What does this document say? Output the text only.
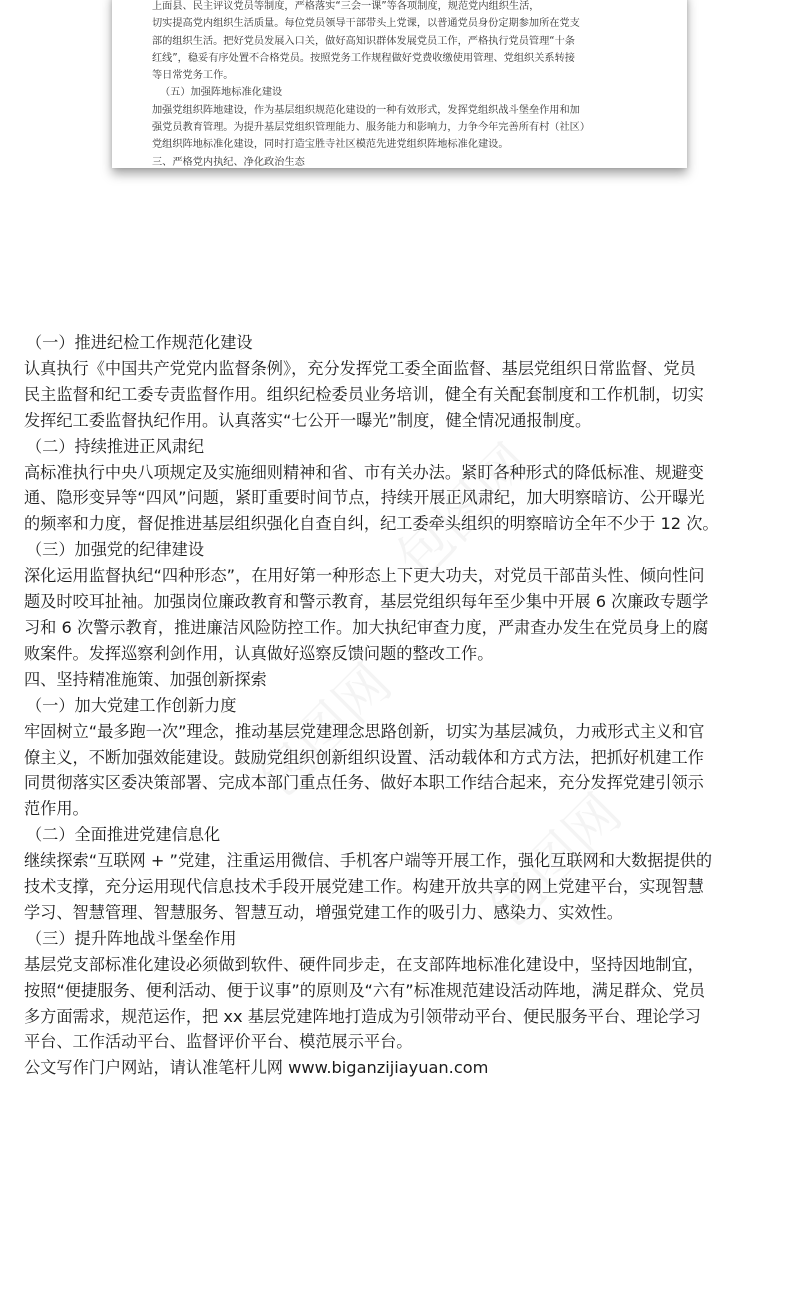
上面县、民主评议党员等制度，严格落实“三会一课”等各项制度，规范党内组织生活，

切实提高党内组织生活质量。每位党员领导干部带头上党课，以普通党员身份定期参加所在党支

部的组织生活。把好党员发展入口关，做好高知识群体发展党员工作，严格执行党员管理“十条

红线”，稳妥有序处置不合格党员。按照党务工作规程做好党费收缴使用管理、党组织关系转接

等日常党务工作。

（五）加强阵地标准化建设

加强党组织阵地建设，作为基层组织规范化建设的一种有效形式，发挥党组织战斗堡垒作用和加

强党员教育管理。为提升基层党组织管理能力、服务能力和影响力，力争今年完善所有村（社区）

党组织阵地标准化建设，同时打造宝胜寺社区模范先进党组织阵地标准化建设。

三、严格党内执纪、净化政治生态

（一）推进纪检工作规范化建设

认真执行《中国共产党党内监督条例》，充分发挥党工委全面监督、基层党组织日常监督、党员

民主监督和纪工委专责监督作用。组织纪检委员业务培训，健全有关配套制度和工作机制，切实

发挥纪工委监督执纪作用。认真落实“七公开一曝光”制度，健全情况通报制度。

（二）持续推进正风肃纪

高标准执行中央八项规定及实施细则精神和省、市有关办法。紧盯各种形式的降低标准、规避变

通、隐形变异等“四风”问题，紧盯重要时间节点，持续开展正风肃纪，加大明察暗访、公开曝光

的频率和力度，督促推进基层组织强化自查自纠，纪工委牵头组织的明察暗访全年不少于 12 次。

（三）加强党的纪律建设

深化运用监督执纪“四种形态”，在用好第一种形态上下更大功夫，对党员干部苗头性、倾向性问

题及时咬耳扯袖。加强岗位廉政教育和警示教育，基层党组织每年至少集中开展 6 次廉政专题学

习和 6 次警示教育，推进廉洁风险防控工作。加大执纪审查力度，严肃查办发生在党员身上的腐

败案件。发挥巡察利剑作用，认真做好巡察反馈问题的整改工作。

四、坚持精准施策、加强创新探索

（一）加大党建工作创新力度

牢固树立“最多跑一次”理念，推动基层党建理念思路创新，切实为基层减负，力戒形式主义和官

僚主义，不断加强效能建设。鼓励党组织创新组织设置、活动载体和方式方法，把抓好机建工作

同贯彻落实区委决策部署、完成本部门重点任务、做好本职工作结合起来，充分发挥党建引领示

范作用。

（二）全面推进党建信息化

继续探索“互联网 + ”党建，注重运用微信、手机客户端等开展工作，强化互联网和大数据提供的

技术支撑，充分运用现代信息技术手段开展党建工作。构建开放共享的网上党建平台，实现智慧

学习、智慧管理、智慧服务、智慧互动，增强党建工作的吸引力、感染力、实效性。

（三）提升阵地战斗堡垒作用

基层党支部标准化建设必须做到软件、硬件同步走，在支部阵地标准化建设中，坚持因地制宜，

按照“便捷服务、便利活动、便于议事”的原则及“六有”标准规范建设活动阵地，满足群众、党员

多方面需求，规范运作，把 xx 基层党建阵地打造成为引领带动平台、便民服务平台、理论学习

平台、工作活动平台、监督评价平台、模范展示平台。

公文写作门户网站，请认准笔杆儿网 www.biganzijiayuan.com
